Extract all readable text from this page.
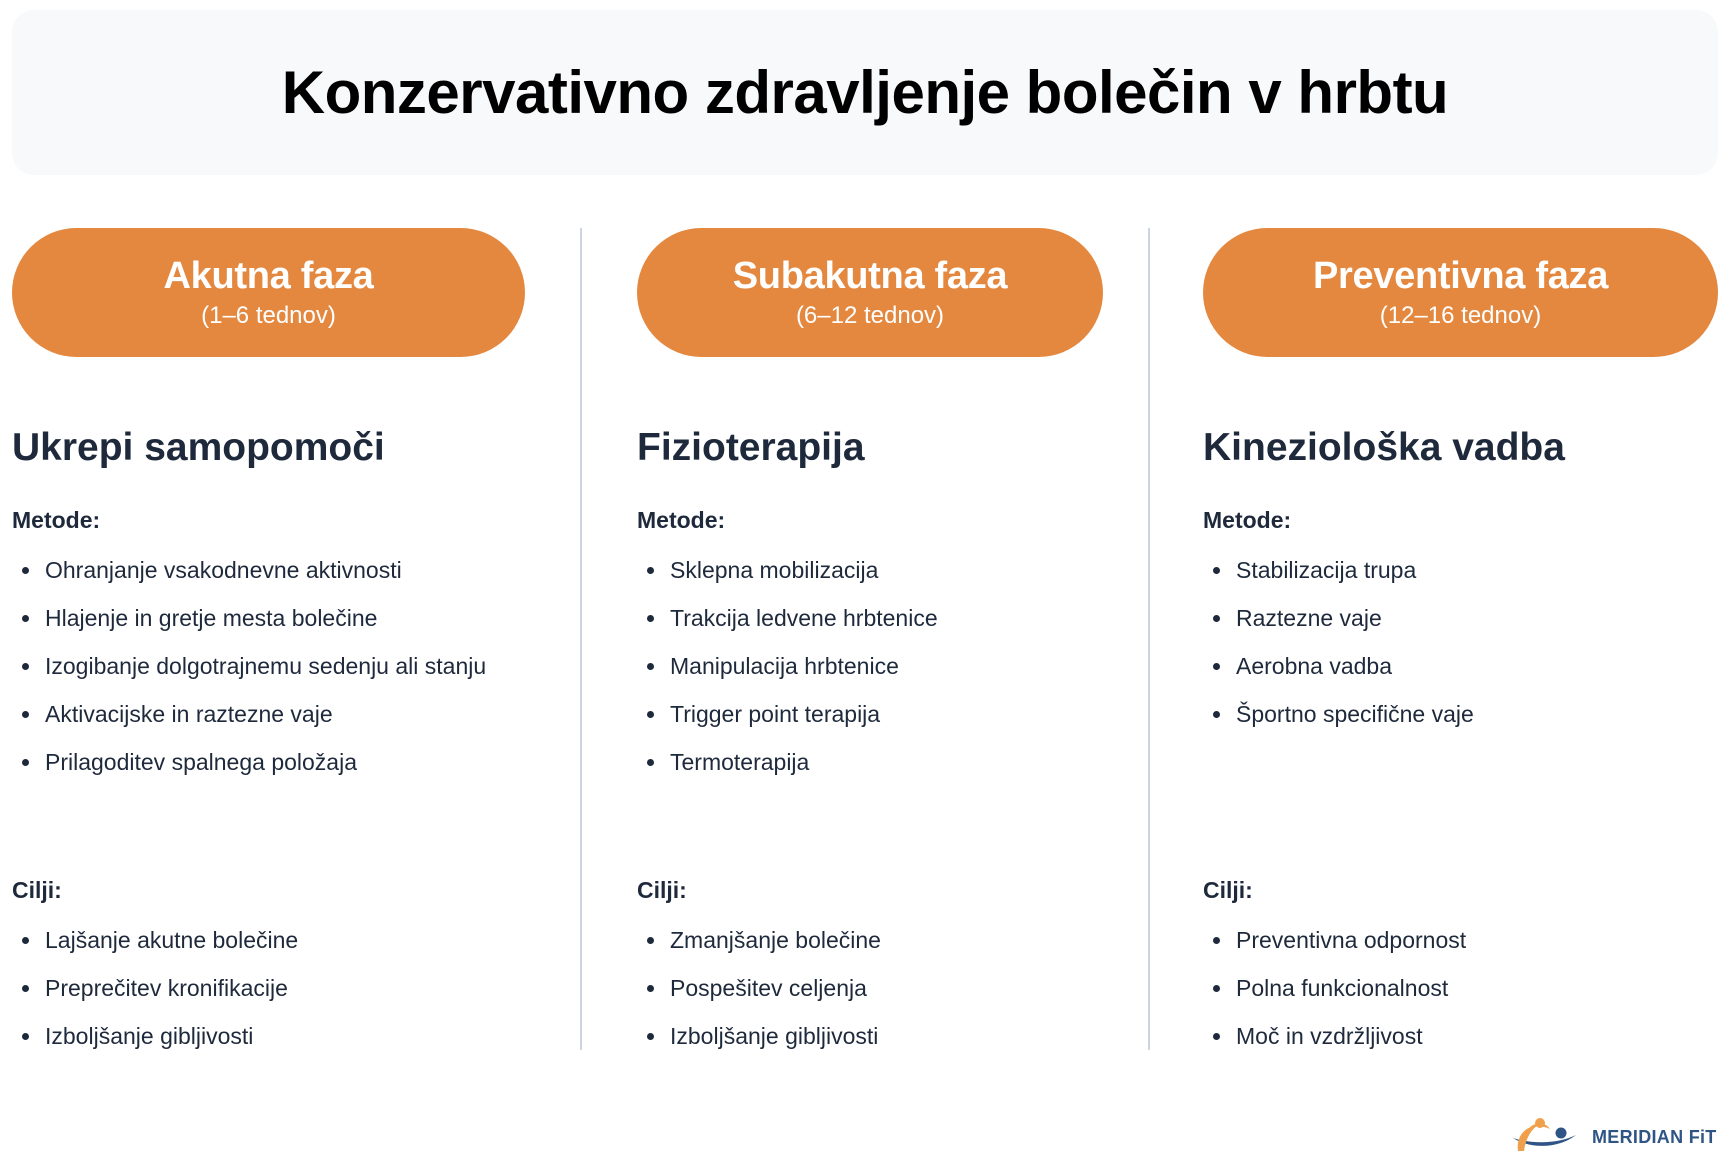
Konzervativno zdravljenje bolečin v hrbtu
Akutna faza
(1–6 tednov)
Ukrepi samopomoči
Metode:
Ohranjanje vsakodnevne aktivnosti
Hlajenje in gretje mesta bolečine
Izogibanje dolgotrajnemu sedenju ali stanju
Aktivacijske in raztezne vaje
Prilagoditev spalnega položaja
Cilji:
Lajšanje akutne bolečine
Preprečitev kronifikacije
Izboljšanje gibljivosti
Subakutna faza
(6–12 tednov)
Fizioterapija
Metode:
Sklepna mobilizacija
Trakcija ledvene hrbtenice
Manipulacija hrbtenice
Trigger point terapija
Termoterapija
Cilji:
Zmanjšanje bolečine
Pospešitev celjenja
Izboljšanje gibljivosti
Preventivna faza
(12–16 tednov)
Kineziološka vadba
Metode:
Stabilizacija trupa
Raztezne vaje
Aerobna vadba
Športno specifične vaje
Cilji:
Preventivna odpornost
Polna funkcionalnost
Moč in vzdržljivost
MERIDIAN FiT
